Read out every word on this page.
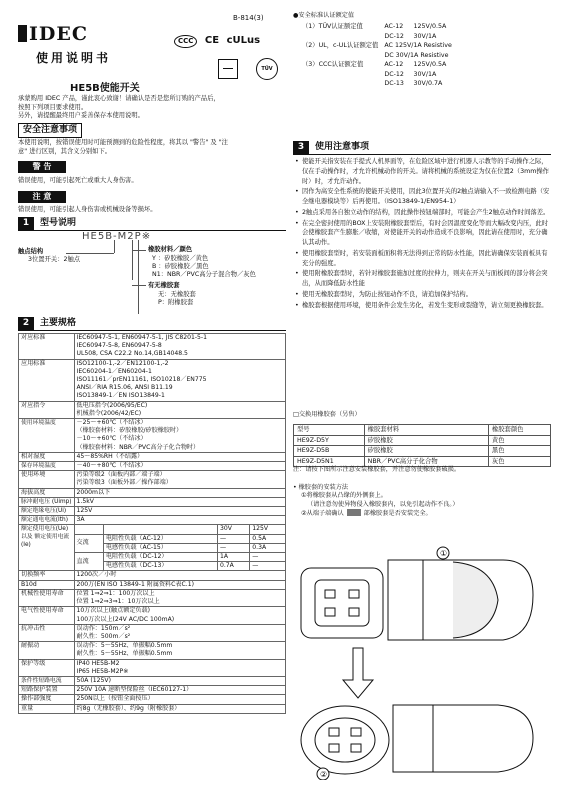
IDEC
使用说明书
CCC CE cULus
TÜV
HE5B使能开关
承蒙购用 IDEC 产品，谨此衷心致谢！请确认是否是您所订购的产品后，
按照下列项目要求使用。
另外，请提醒最终用户妥善保存本使用说明。
安全注意事项
本使用说明，按错误使用时可能预测到的危险性程度，将其以 "警告" 及 "注
意" 进行区别，其含义分别如下。
警 告
错误使用，可能引起死亡或重大人身伤害。
注 意
错误使用，可能引起人身伤害或机械设备等损坏。
1 型号说明
HE5B-M2P※
触点结构
3位置开关：2触点
橡胶材料／颜色
Y ：矽胶橡胶／黄色
B ：矽胶橡胶／黑色
N1：NBR／PVC高分子混合物／灰色
有无橡胶套
无：无橡胶套
P：附橡胶套
2 主要规格
对应标准	IEC60947-5-1, EN60947-5-1, JIS C8201-5-1
IEC60947-5-8, EN60947-5-8
UL508, CSA C22.2 No.14,GB14048.5			

应用标准	ISO12100-1,-2／EN12100-1,-2
IEC60204-1／EN60204-1
ISO11161／prEN11161, ISO10218／EN775
ANSI／RIA R15.06, ANSI B11.19
ISO13849-1／EN ISO13849-1			

对应指令	低电压指令(2006/95/EC)
机械指令(2006/42/EC)			

使用环境温度	－25〜+60℃（不结冰）
（橡胶套材料：矽胶橡胶/矽胶橡胶时）
－10〜+60℃（不结冰）
（橡胶套材料：NBR／PVC高分子化合物时）			

相对湿度	45〜85%RH（不结露）			
保存环境温度	－40〜+80℃（不结冰）			
使用环境	污染等级2（面板内部／端子端）
污染等级3（面板外部／操作部端）			

海拔高度	2000m以下			
脉冲耐电压 (Uimp)	1.5kV			
额定绝缘电压(Ui)	125V			
额定通电电流(Ith)	3A			
额定使用电压(Ue) 以及 额定使用电流(Ie)			30V	125V
	交流	电阻性负载（AC-12）	—	0.5A
		电感性负载（AC-15）	—	0.3A
	直流	电阻性负载（DC-12）	1A	—
		电感性负载（DC-13）	0.7A	—
切换频率	1200次／小时			
B10d	200万(EN ISO 13849-1 附属资料C表C.1)			
机械性使用寿命	位置 1⇒2⇒1：100万次以上
位置 1⇒2⇒3⇒1：10万次以上			

电气性使用寿命	10万次以上(触点额定负载)
100万次以上(24V AC/DC 100mA)			

抗冲击性	误动作：150m／s²
耐久性：500m／s²			

耐振动	误动作：5〜55Hz、单振幅0.5mm
耐久性：5〜55Hz、单振幅0.5mm			

保护等级	IP40 HE5B-M2
IP65 HE5B-M2P※			

条件性短路电流	50A (125V)			
短路保护装置	250V 10A 速断型保险丝（IEC60127-1）			
操作部强度	250N以上（按钮全面按压）			
重量	约8g（无橡胶套）、约9g（附橡胶套）			
B-814(3)	●安全标准认证额定值
（1）TÜV认证额定值	AC-12	125V/0.5A
	DC-12	30V/1A
（2）UL，c-UL认证额定值	AC 125V/1A Resistive	
	DC 30V/1A Resistive	
（3）CCC认证额定值	AC-12	125V/0.5A
	DC-12	30V/1A
	DC-13	30V/0.7A
3 使用注意事项
• 使能开关指安装在手提式人机界面等，在危险区域中进行机器人示教等的手动操作之际，仅在手动操作时，才允许机械动作的开关。请将机械的系统设定为仅在位置2（3mm操作时）时，才允许动作。
• 因作为高安全性系统的使能开关使用，因此3位置开关的2触点请输入不一致检测电路（安全继电器模块等）后再使用。（ISO13849-1/EN954-1）
• 2触点采用各自独立动作的结构，因此操作按钮端部时，可能会产生2触点动作时间落差。
• 在完全密封使用的BOX上安装附橡胶套型后，有时会因温度变化等而大幅改变内压，此时会使橡胶套产生膨胀／收缩，对使能开关的动作造成不良影响，因此请在使用时，充分确认其动作。
• 使用橡胶套型时，若安装面板面积将无法得到正常的防水性能，因此请确保安装面板具有充分的强度。
• 使用附橡胶套型时，若针对橡胶套施加过度的拉伸力，则夹在开关与面板间的部分将会突出，从而降低防水性能
• 使用无橡胶套型时，为防止按钮动作不良，请追加保护结构。
• 橡胶套根据使用环境，使用条件会发生劣化，若发生变形或裂缝等，请立刻更换橡胶套。
□交换用橡胶套（另售）
型号	橡胶套材料	橡胶套颜色
HE9Z-D5Y	矽胶橡胶	黄色
HE9Z-D5B	矽胶橡胶	黑色
HE9Z-D5N1	NBR／PVC高分子化合物	灰色
注：请按下图所示注意安装橡胶套，并注意勿使橡胶套破损。
• 橡胶套的安装方法
①将橡胶套从凸缘的外侧套上。
（请注意勿使异物侵入橡胶套内，以免引起动作不良。）
②从端子端确认	部橡胶套是否安装完全。
①
②
